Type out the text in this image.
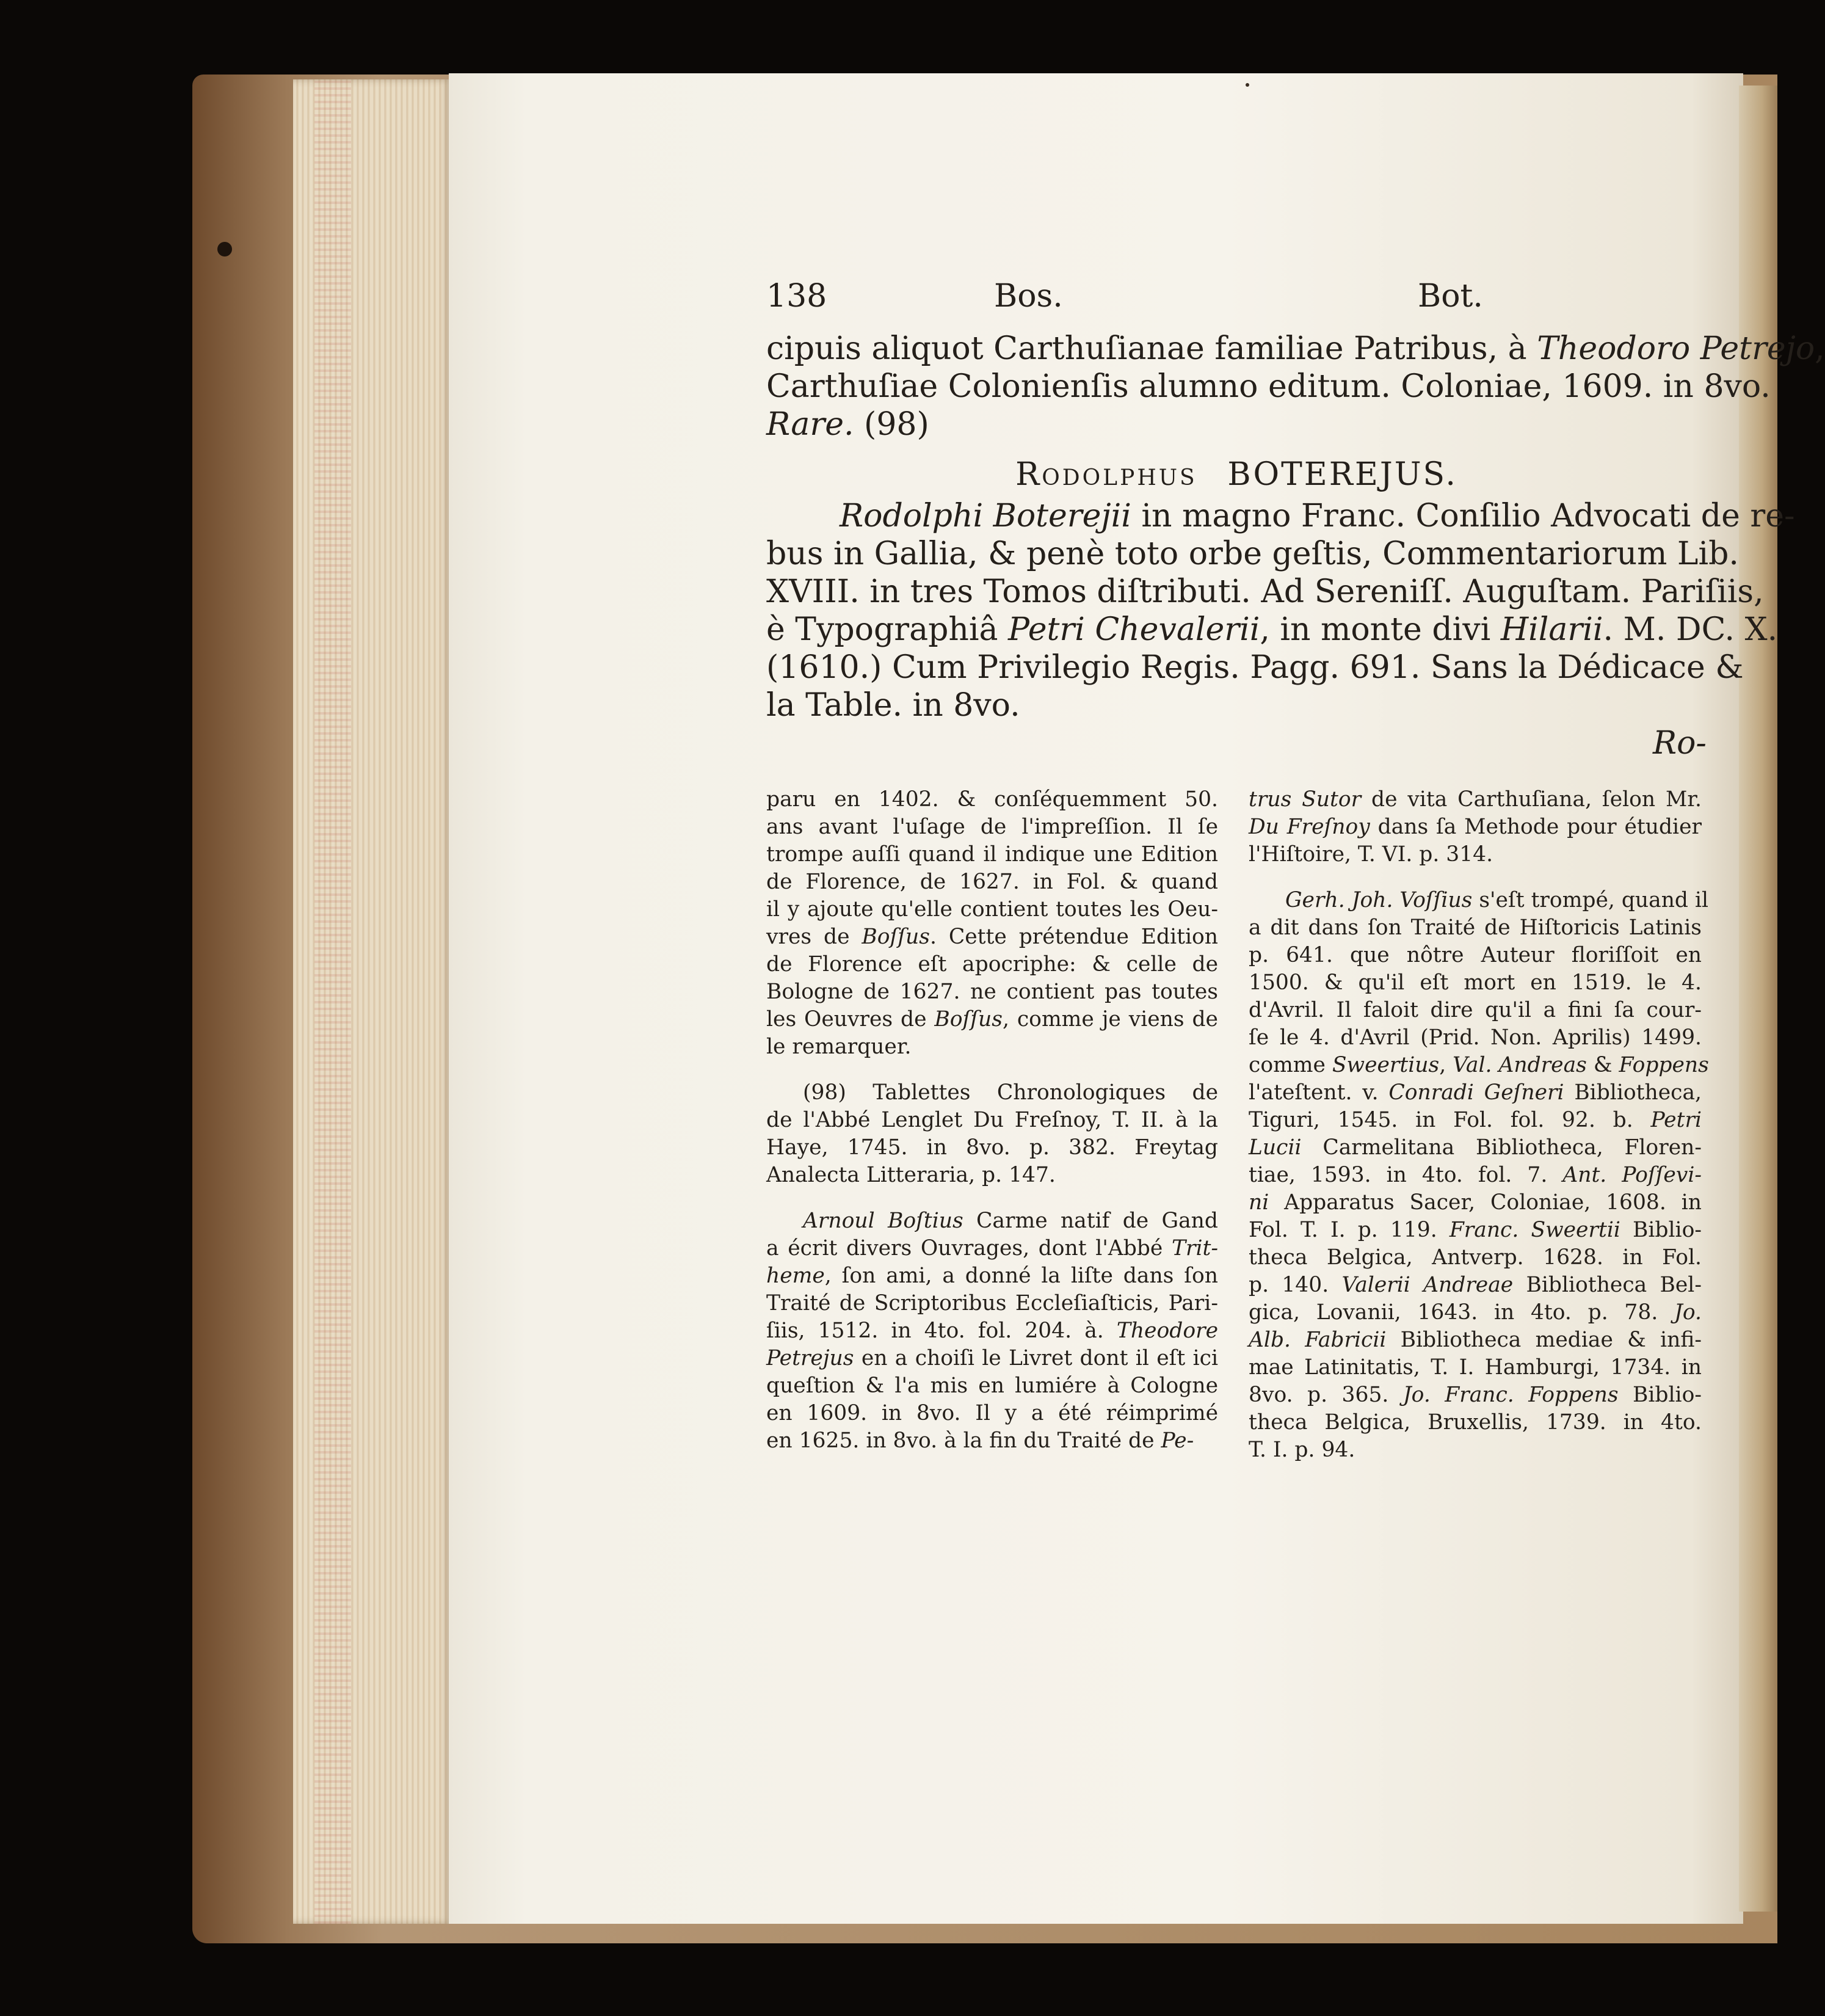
138	Bos.	Bot.

cipuis aliquot Carthuſianae familiae Patribus, à Theodoro Petrejo,

Carthuſiae Colonienſis alumno editum. Coloniae, 1609. in 8vo.

Rare. (98)

Rodolphus BOTEREJUS.

Rodolphi Boterejii in magno Franc. Conſilio Advocati de re-

bus in Gallia, & penè toto orbe geſtis, Commentariorum Lib.

XVIII. in tres Tomos diſtributi. Ad Sereniſſ. Auguſtam. Pariſiis,

è Typographiâ Petri Chevalerii, in monte divi Hilarii. M. DC. X.

(1610.) Cum Privilegio Regis. Pagg. 691. Sans la Dédicace &

la Table. in 8vo.

Ro-

paru en 1402. & conſéquemment 50.
ans avant l'uſage de l'impreſſion. Il ſe
trompe auſſi quand il indique une Edition
de Florence, de 1627. in Fol. & quand
il y ajoute qu'elle contient toutes les Oeu-
vres de Boſſus. Cette prétendue Edition
de Florence eſt apocriphe: & celle de
Bologne de 1627. ne contient pas toutes
les Oeuvres de Boſſus, comme je viens de
le remarquer.

(98) Tablettes Chronologiques de
de l'Abbé Lenglet Du Freſnoy, T. II. à la
Haye, 1745. in 8vo. p. 382. Freytag
Analecta Litteraria, p. 147.

Arnoul Boſtius Carme natif de Gand
a écrit divers Ouvrages, dont l'Abbé Trit-
heme, ſon ami, a donné la liſte dans ſon
Traité de Scriptoribus Eccleſiaſticis, Pari-
ſiis, 1512. in 4to. fol. 204. à. Theodore
Petrejus en a choiſi le Livret dont il eſt ici
queſtion & l'a mis en lumiére à Cologne
en 1609. in 8vo. Il y a été réimprimé
en 1625. in 8vo. à la fin du Traité de Pe-

trus Sutor de vita Carthuſiana, ſelon Mr.
Du Freſnoy dans ſa Methode pour étudier
l'Hiſtoire, T. VI. p. 314.

Gerh. Joh. Voſſius s'eſt trompé, quand il
a dit dans ſon Traité de Hiſtoricis Latinis
p. 641. que nôtre Auteur floriſſoit en
1500. & qu'il eſt mort en 1519. le 4.
d'Avril. Il faloit dire qu'il a fini ſa cour-
ſe le 4. d'Avril (Prid. Non. Aprilis) 1499.
comme Sweertius, Val. Andreas & Foppens
l'ateſtent. v. Conradi Geſneri Bibliotheca,
Tiguri, 1545. in Fol. fol. 92. b. Petri
Lucii Carmelitana Bibliotheca, Floren-
tiae, 1593. in 4to. fol. 7. Ant. Poſſevi-
ni Apparatus Sacer, Coloniae, 1608. in
Fol. T. I. p. 119. Franc. Sweertii Biblio-
theca Belgica, Antverp. 1628. in Fol.
p. 140. Valerii Andreae Bibliotheca Bel-
gica, Lovanii, 1643. in 4to. p. 78. Jo.
Alb. Fabricii Bibliotheca mediae & infi-
mae Latinitatis, T. I. Hamburgi, 1734. in
8vo. p. 365. Jo. Franc. Foppens Biblio-
theca Belgica, Bruxellis, 1739. in 4to.
T. I. p. 94.
